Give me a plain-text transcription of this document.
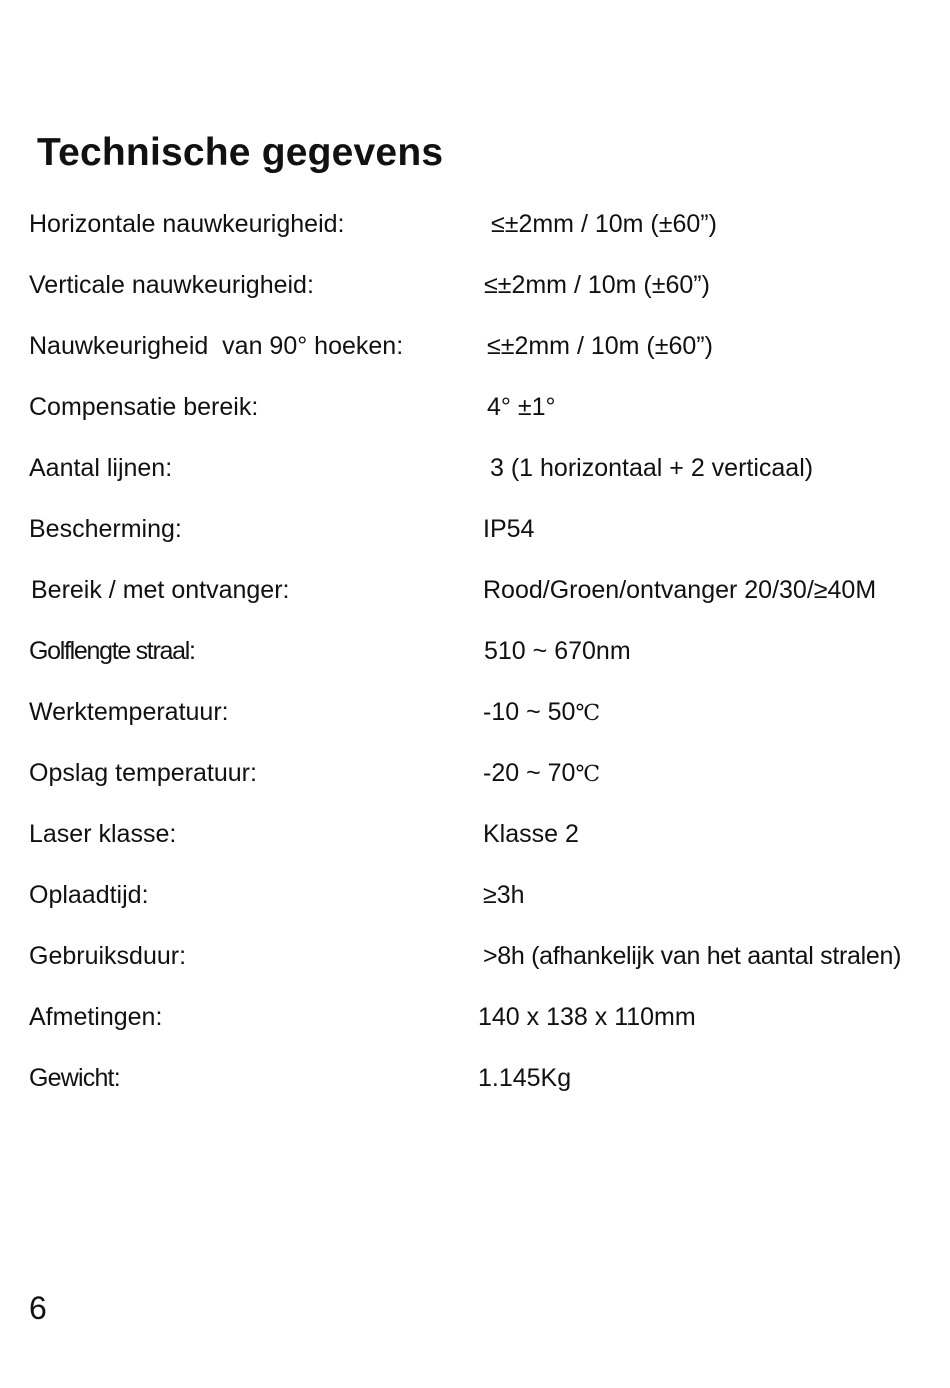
Technische gegevens
Horizontale nauwkeurigheid:	≤±2mm / 10m (±60”)
Verticale nauwkeurigheid:	≤±2mm / 10m (±60”)
Nauwkeurigheid  van 90° hoeken:	≤±2mm / 10m (±60”)
Compensatie bereik:	4° ±1°
Aantal lijnen:	3 (1 horizontaal + 2 verticaal)
Bescherming:	IP54
Bereik / met ontvanger:	Rood/Groen/ontvanger 20/30/≥40M
Golflengte straal:	510 ~ 670nm
Werktemperatuur:	-10 ~ 50℃
Opslag temperatuur:	-20 ~ 70℃
Laser klasse:	Klasse 2
Oplaadtijd:	≥3h
Gebruiksduur:	>8h (afhankelijk van het aantal stralen)
Afmetingen:	140 x 138 x 110mm
Gewicht:	1.145Kg
6
